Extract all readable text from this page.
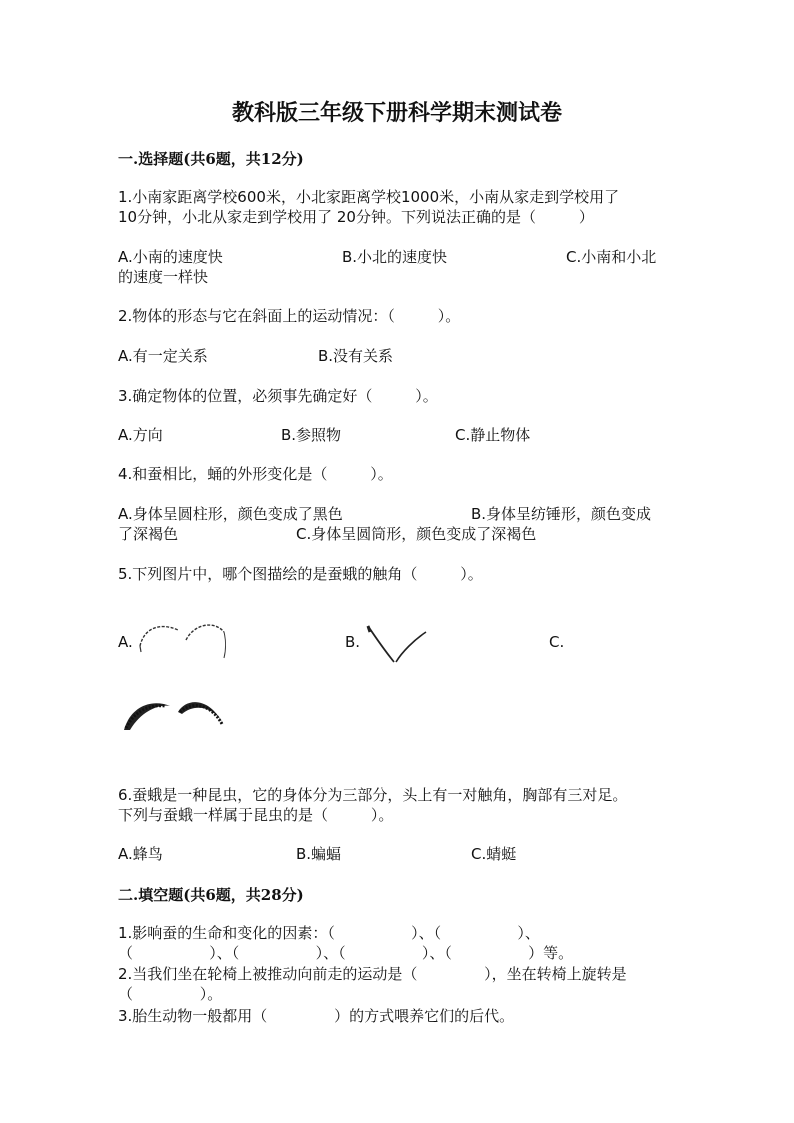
教科版三年级下册科学期末测试卷
一.选择题(共6题，共12分)
1.小南家距离学校600米，小北家距离学校1000米，小南从家走到学校用了
10分钟，小北从家走到学校用了 20分钟。下列说法正确的是（         ）
A.小南的速度快	B.小北的速度快	C.小南和小北
的速度一样快
2.物体的形态与它在斜面上的运动情况：（         ）。
A.有一定关系	B.没有关系
3.确定物体的位置，必须事先确定好（         ）。
A.方向	B.参照物	C.静止物体
4.和蚕相比，蛹的外形变化是（         ）。
A.身体呈圆柱形，颜色变成了黑色	B.身体呈纺锤形，颜色变成
了深褐色	C.身体呈圆筒形，颜色变成了深褐色
5.下列图片中，哪个图描绘的是蚕蛾的触角（         ）。
A.	B.	C.
6.蚕蛾是一种昆虫，它的身体分为三部分，头上有一对触角，胸部有三对足。
下列与蚕蛾一样属于昆虫的是（         ）。
A.蜂鸟	B.蝙蝠	C.蜻蜓
二.填空题(共6题，共28分)
1.影响蚕的生命和变化的因素：（                ）、（                ）、
（                ）、（                ）、（                ）、（                ）等。
2.当我们坐在轮椅上被推动向前走的运动是（              ），坐在转椅上旋转是
（              ）。
3.胎生动物一般都用（              ）的方式喂养它们的后代。
